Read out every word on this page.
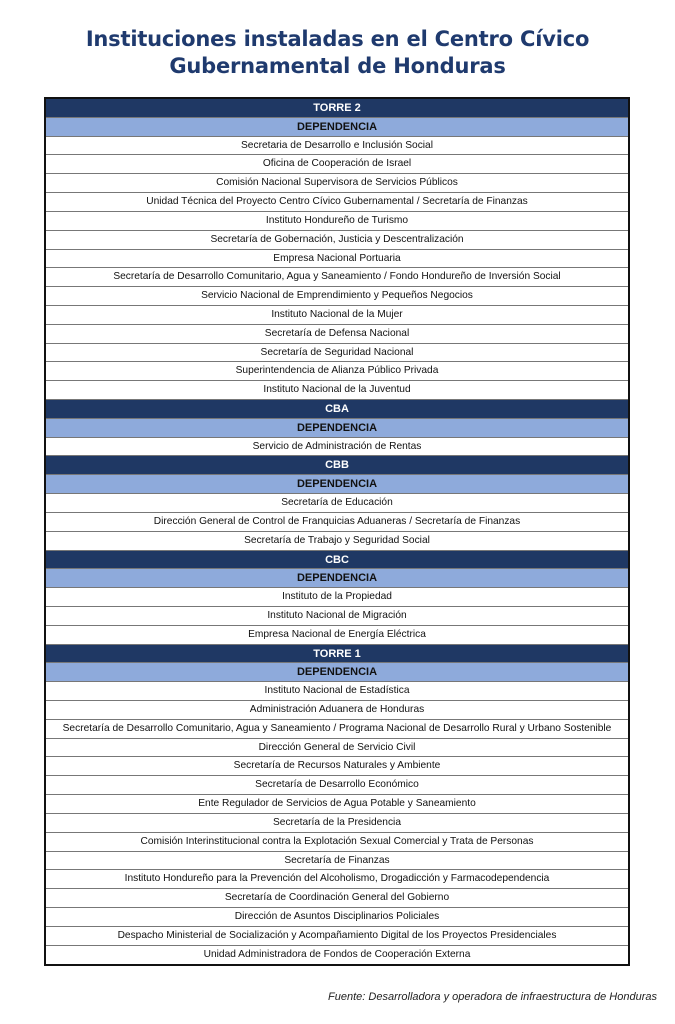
Instituciones instaladas en el Centro Cívico
Gubernamental de Honduras
TORRE 2
DEPENDENCIA
Secretaria de Desarrollo e Inclusión Social
Oficina de Cooperación de Israel
Comisión Nacional Supervisora de Servicios Públicos
Unidad Técnica del Proyecto Centro Cívico Gubernamental / Secretaría de Finanzas
Instituto Hondureño de Turismo
Secretaría de Gobernación, Justicia y Descentralización
Empresa Nacional Portuaria
Secretaría de Desarrollo Comunitario, Agua y Saneamiento / Fondo Hondureño de Inversión Social
Servicio Nacional de Emprendimiento y Pequeños Negocios
Instituto Nacional de la Mujer
Secretaría de Defensa Nacional
Secretaría de Seguridad Nacional
Superintendencia de Alianza Público Privada
Instituto Nacional de la Juventud
CBA
DEPENDENCIA
Servicio de Administración de Rentas
CBB
DEPENDENCIA
Secretaría de Educación
Dirección General de Control de Franquicias Aduaneras / Secretaría de Finanzas
Secretaría de Trabajo y Seguridad Social
CBC
DEPENDENCIA
Instituto de la Propiedad
Instituto Nacional de Migración
Empresa Nacional de Energía Eléctrica
TORRE 1
DEPENDENCIA
Instituto Nacional de Estadística
Administración Aduanera de Honduras
Secretaría de Desarrollo Comunitario, Agua y Saneamiento / Programa Nacional de Desarrollo Rural y Urbano Sostenible
Dirección General de Servicio Civil
Secretaría de Recursos Naturales y Ambiente
Secretaría de Desarrollo Económico
Ente Regulador de Servicios de Agua Potable y Saneamiento
Secretaría de la Presidencia
Comisión Interinstitucional contra la Explotación Sexual Comercial y Trata de Personas
Secretaría de Finanzas
Instituto Hondureño para la Prevención del Alcoholismo, Drogadicción y Farmacodependencia
Secretaría de Coordinación General del Gobierno
Dirección de Asuntos Disciplinarios Policiales
Despacho Ministerial de Socialización y Acompañamiento Digital de los Proyectos Presidenciales
Unidad Administradora de Fondos de Cooperación Externa
Fuente: Desarrolladora y operadora de infraestructura de Honduras
